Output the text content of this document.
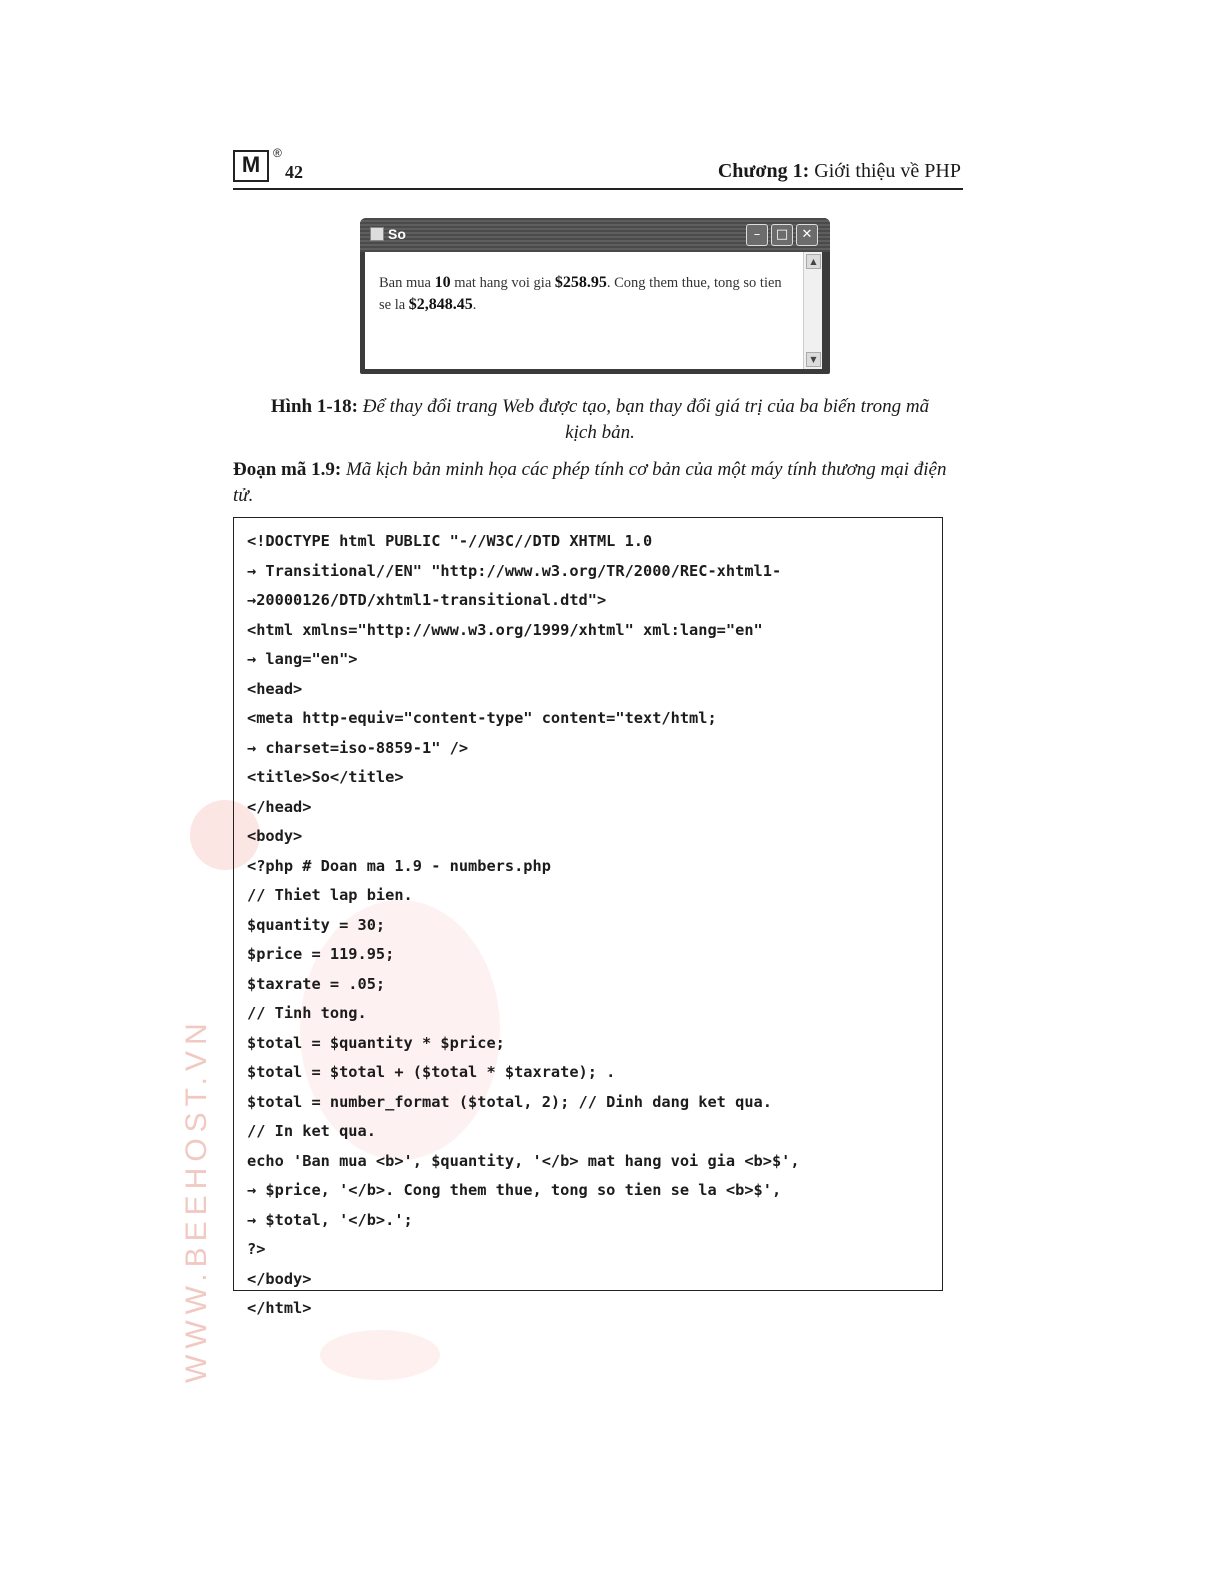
WWW.BEEHOST.VN
M	®
42	Chương 1: Giới thiệu về PHP
So	–	□	✕
Ban mua 10 mat hang voi gia $258.95. Cong them thue, tong so tien se la $2,848.45.
▲
▼
Hình 1-18: Để thay đổi trang Web được tạo, bạn thay đổi giá trị của ba biến trong mã kịch bản.
Đoạn mã 1.9: Mã kịch bản minh họa các phép tính cơ bản của một máy tính thương mại điện tử.
<!DOCTYPE html PUBLIC "-//W3C//DTD XHTML 1.0
→ Transitional//EN" "http://www.w3.org/TR/2000/REC-xhtml1-
→20000126/DTD/xhtml1-transitional.dtd">
<html xmlns="http://www.w3.org/1999/xhtml" xml:lang="en"
→ lang="en">
<head>
<meta http-equiv="content-type" content="text/html;
→ charset=iso-8859-1" />
<title>So</title>
</head>
<body>
<?php # Doan ma 1.9 - numbers.php
// Thiet lap bien.
$quantity = 30;
$price = 119.95;
$taxrate = .05;
// Tinh tong.
$total = $quantity * $price;
$total = $total + ($total * $taxrate); .
$total = number_format ($total, 2); // Dinh dang ket qua.
// In ket qua.
echo 'Ban mua <b>', $quantity, '</b> mat hang voi gia <b>$',
→ $price, '</b>. Cong them thue, tong so tien se la <b>$',
→ $total, '</b>.';
?>
</body>
</html>
